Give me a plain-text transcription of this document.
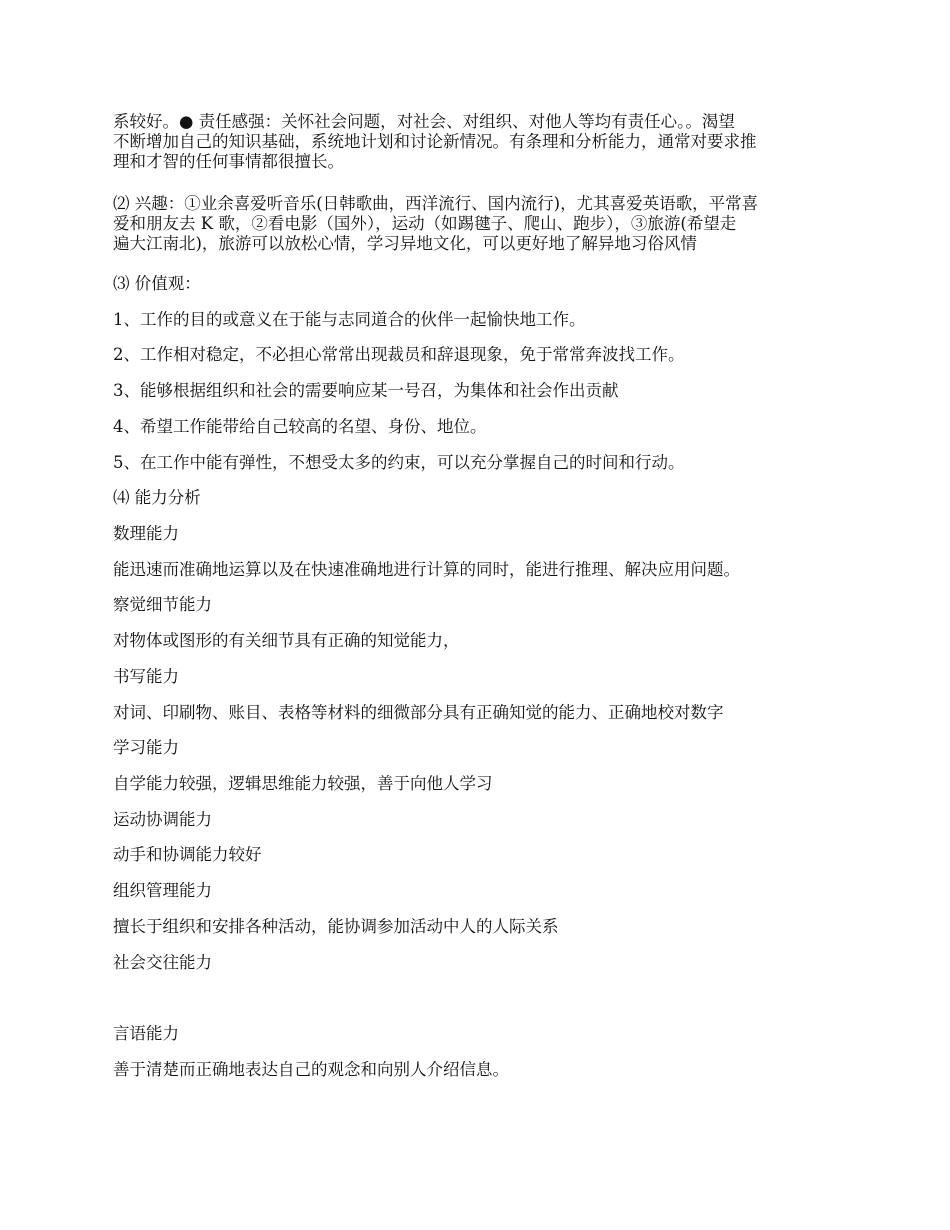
系较好。● 责任感强：关怀社会问题，对社会、对组织、对他人等均有责任心。。渴望
不断增加自己的知识基础，系统地计划和讨论新情况。有条理和分析能力，通常对要求推
理和才智的任何事情都很擅长。
⑵ 兴趣：①业余喜爱听音乐(日韩歌曲，西洋流行、国内流行)，尤其喜爱英语歌，平常喜
爱和朋友去 K 歌，②看电影（国外），运动（如踢毽子、爬山、跑步），③旅游(希望走
遍大江南北)，旅游可以放松心情，学习异地文化，可以更好地了解异地习俗风情

⑶ 价值观：

1、工作的目的或意义在于能与志同道合的伙伴一起愉快地工作。

2、工作相对稳定，不必担心常常出现裁员和辞退现象，免于常常奔波找工作。

3、能够根据组织和社会的需要响应某一号召，为集体和社会作出贡献

4、希望工作能带给自己较高的名望、身份、地位。

5、在工作中能有弹性，不想受太多的约束，可以充分掌握自己的时间和行动。

⑷ 能力分析

数理能力

能迅速而准确地运算以及在快速准确地进行计算的同时，能进行推理、解决应用问题。

察觉细节能力

对物体或图形的有关细节具有正确的知觉能力，

书写能力

对词、印刷物、账目、表格等材料的细微部分具有正确知觉的能力、正确地校对数字

学习能力

自学能力较强，逻辑思维能力较强，善于向他人学习

运动协调能力

动手和协调能力较好

组织管理能力

擅长于组织和安排各种活动，能协调参加活动中人的人际关系

社会交往能力

言语能力

善于清楚而正确地表达自己的观念和向别人介绍信息。
